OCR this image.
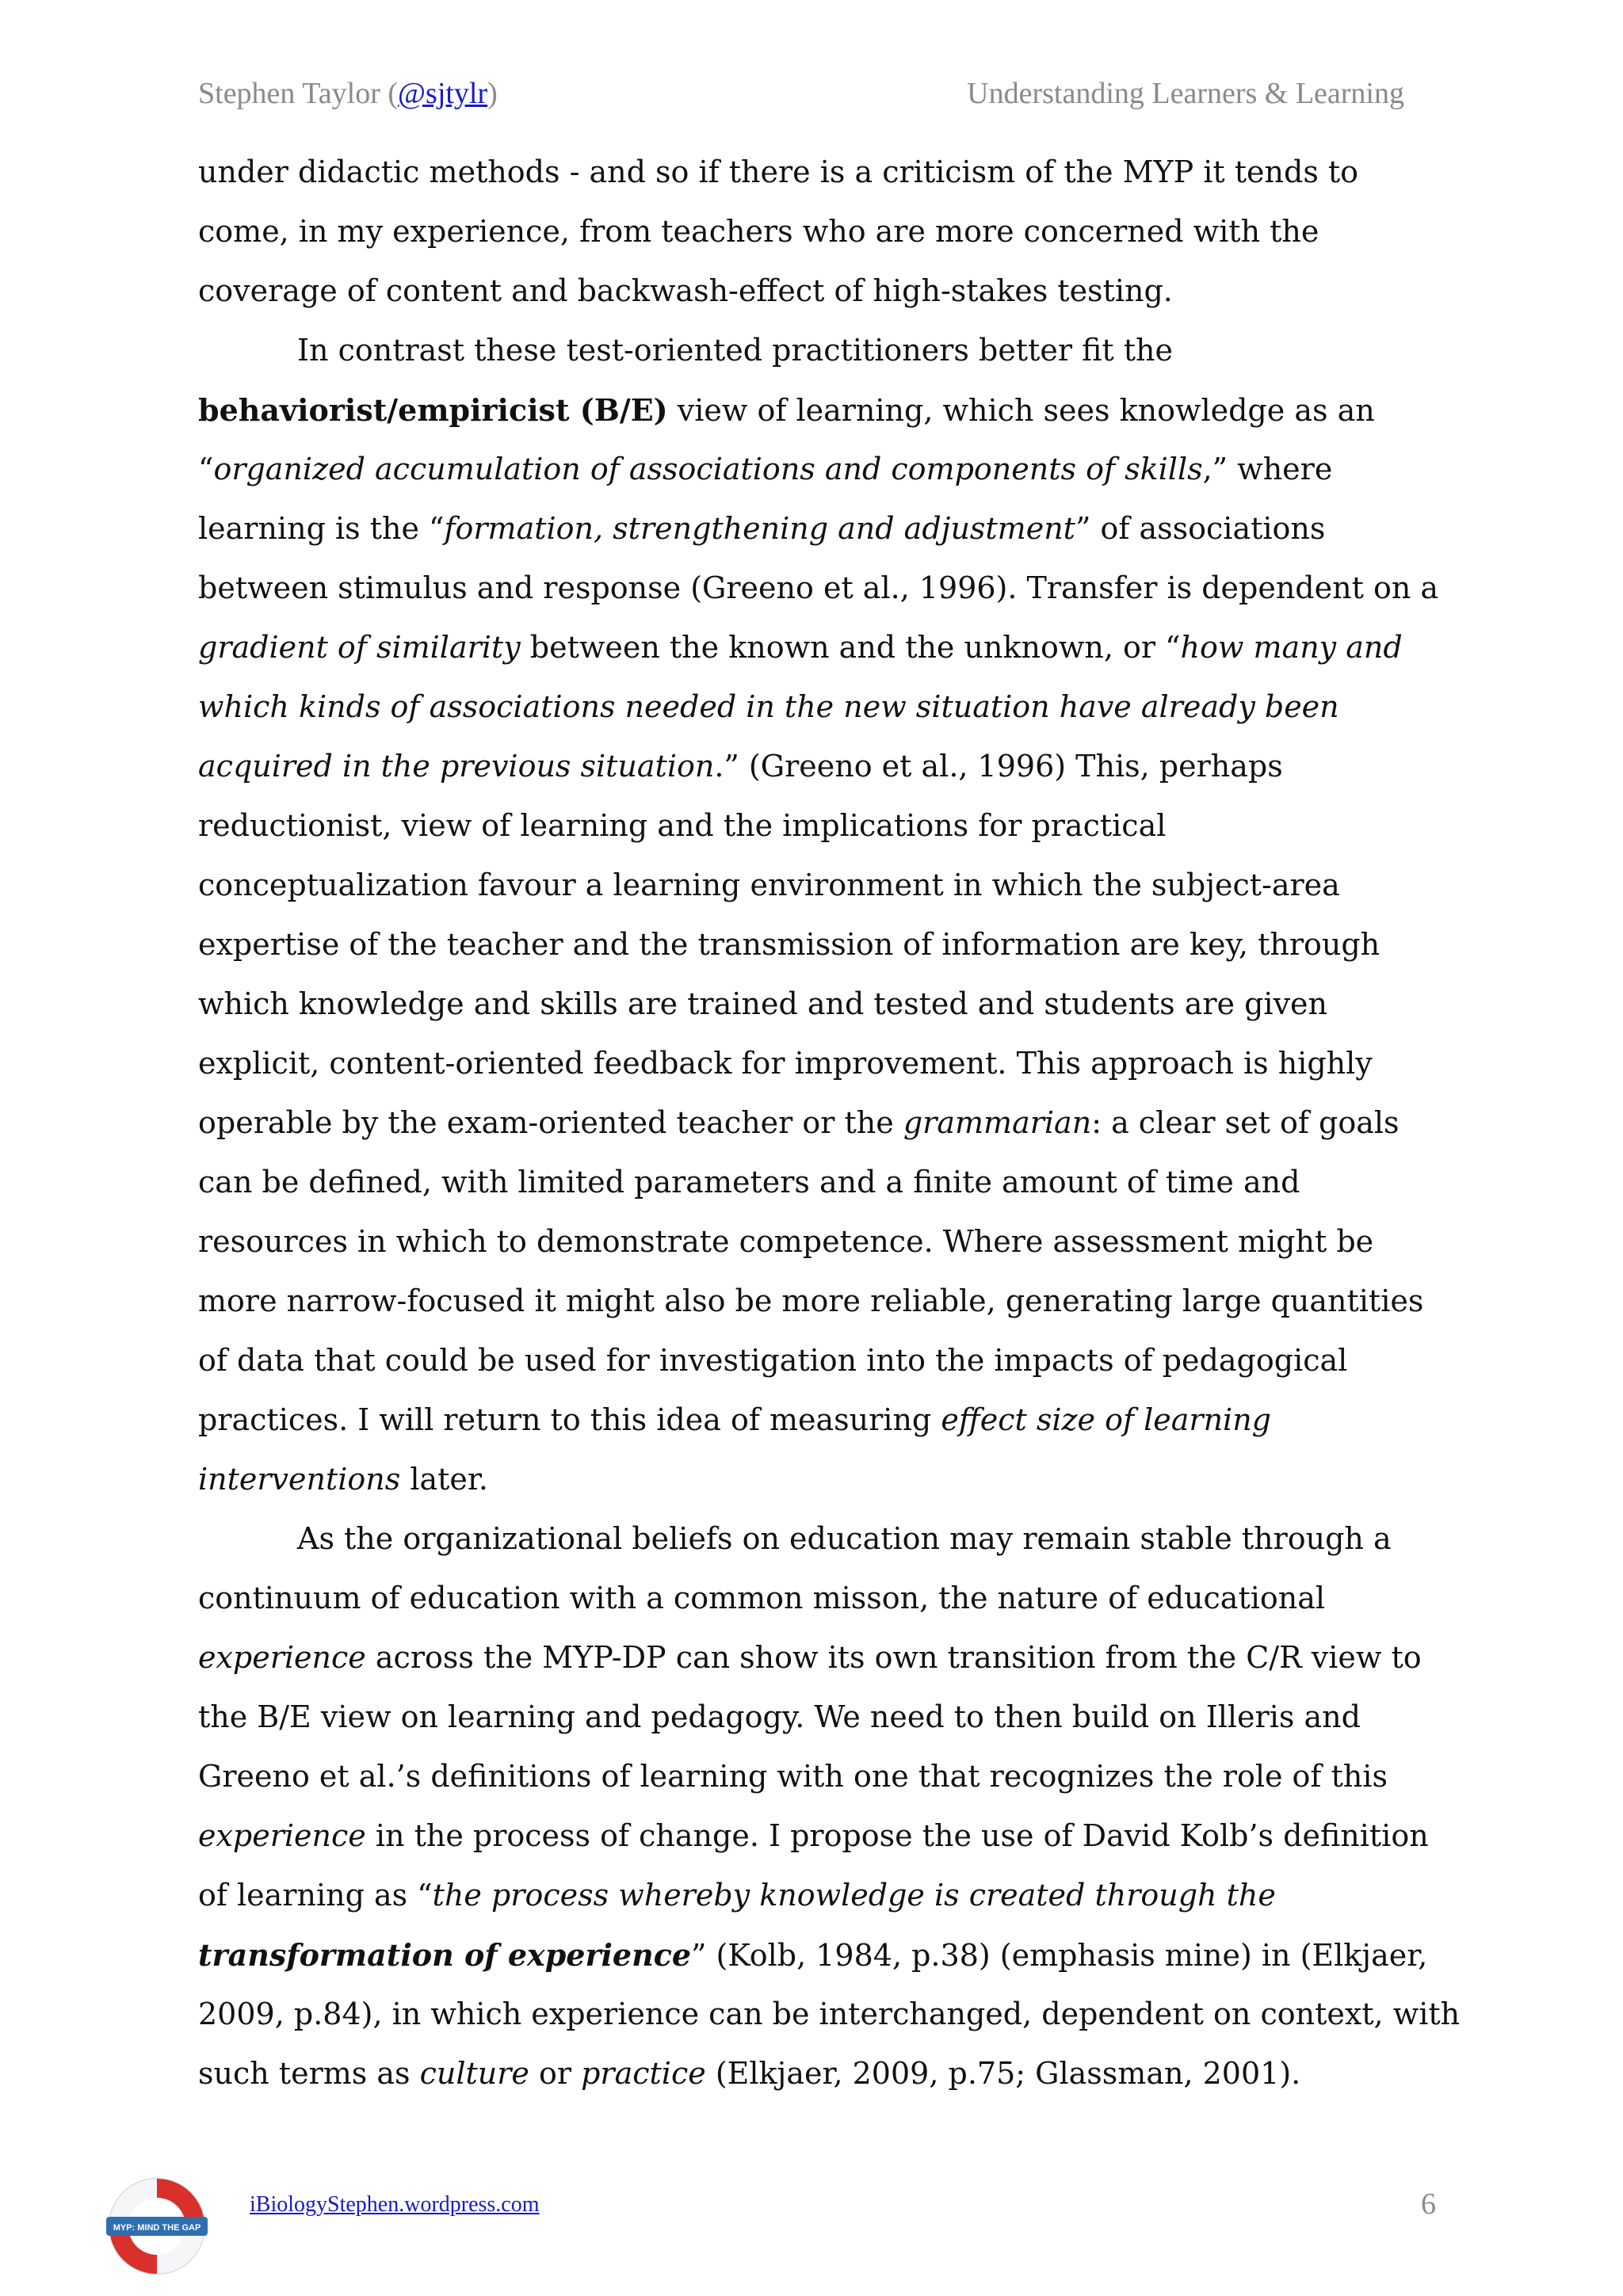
Stephen Taylor (@sjtylr)	Understanding Learners & Learning
under didactic methods - and so if there is a criticism of the MYP it tends to
come, in my experience, from teachers who are more concerned with the
coverage of content and backwash-effect of high-stakes testing.
In contrast these test-oriented practitioners better fit the
behaviorist/empiricist (B/E) view of learning, which sees knowledge as an
“organized accumulation of associations and components of skills,” where
learning is the “formation, strengthening and adjustment” of associations
between stimulus and response (Greeno et al., 1996). Transfer is dependent on a
gradient of similarity between the known and the unknown, or “how many and
which kinds of associations needed in the new situation have already been
acquired in the previous situation.” (Greeno et al., 1996) This, perhaps
reductionist, view of learning and the implications for practical
conceptualization favour a learning environment in which the subject-area
expertise of the teacher and the transmission of information are key, through
which knowledge and skills are trained and tested and students are given
explicit, content-oriented feedback for improvement. This approach is highly
operable by the exam-oriented teacher or the grammarian: a clear set of goals
can be defined, with limited parameters and a finite amount of time and
resources in which to demonstrate competence. Where assessment might be
more narrow-focused it might also be more reliable, generating large quantities
of data that could be used for investigation into the impacts of pedagogical
practices. I will return to this idea of measuring effect size of learning
interventions later.
As the organizational beliefs on education may remain stable through a
continuum of education with a common misson, the nature of educational
experience across the MYP-DP can show its own transition from the C/R view to
the B/E view on learning and pedagogy. We need to then build on Illeris and
Greeno et al.’s definitions of learning with one that recognizes the role of this
experience in the process of change. I propose the use of David Kolb’s definition
of learning as “the process whereby knowledge is created through the
transformation of experience” (Kolb, 1984, p.38) (emphasis mine) in (Elkjaer,
2009, p.84), in which experience can be interchanged, dependent on context, with
such terms as culture or practice (Elkjaer, 2009, p.75; Glassman, 2001).
MYP: MIND THE GAP
iBiologyStephen.wordpress.com	6
